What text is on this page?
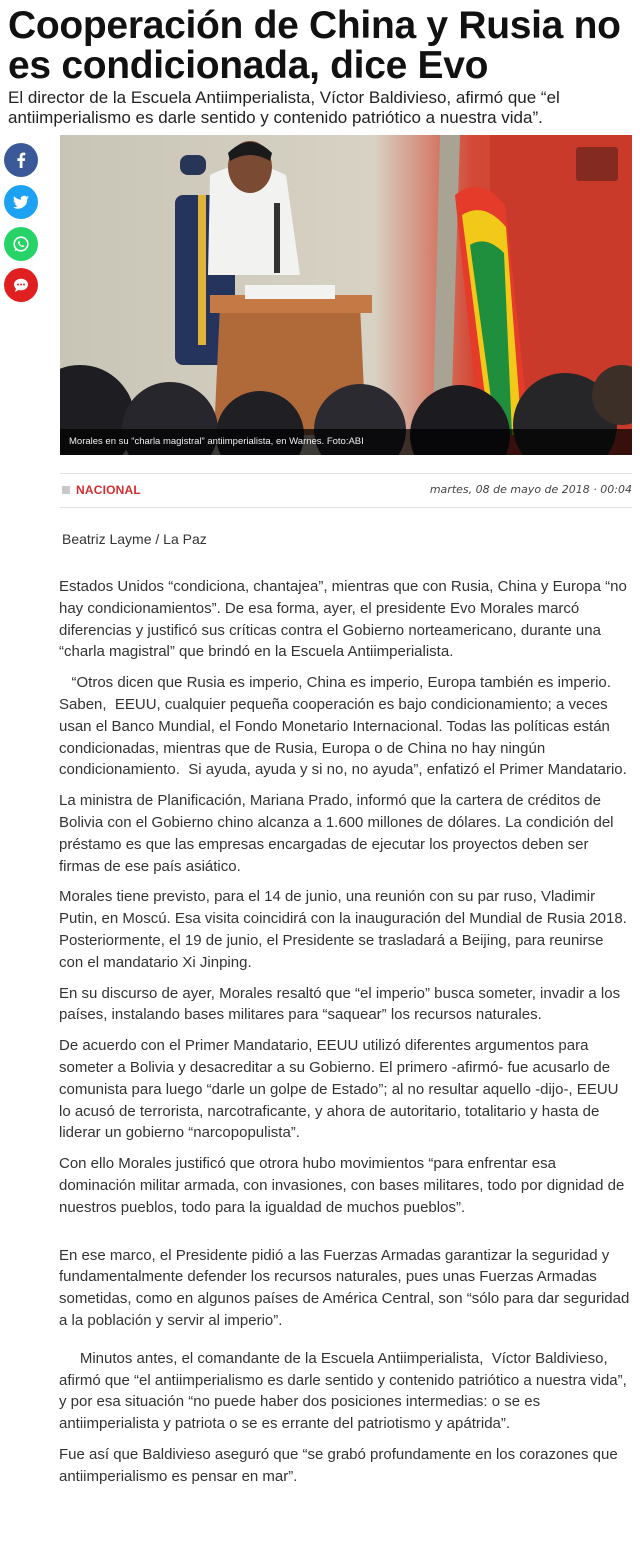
Cooperación de China y Rusia no es condicionada, dice Evo

El director de la Escuela Antiimperialista, Víctor Baldivieso, afirmó que “el antiimperialismo es darle sentido y contenido patriótico a nuestra vida”.

Morales en su “charla magistral” antiimperialista, en Warnes. Foto:ABI
NACIONAL	martes, 08 de mayo de 2018 · 00:04
Beatriz Layme / La Paz

Estados Unidos “condiciona, chantajea”, mientras que con Rusia, China y Europa “no hay condicionamientos”. De esa forma, ayer, el presidente Evo Morales marcó diferencias y justificó sus críticas contra el Gobierno norteamericano, durante una “charla magistral” que brindó en la Escuela Antiimperialista.

“Otros dicen que Rusia es imperio, China es imperio, Europa también es imperio. Saben,  EEUU, cualquier pequeña cooperación es bajo condicionamiento; a veces  usan el Banco Mundial, el Fondo Monetario Internacional. Todas las políticas están condicionadas, mientras que de Rusia, Europa o de China no hay ningún condicionamiento.  Si ayuda, ayuda y si no, no ayuda”, enfatizó el Primer Mandatario.

La ministra de Planificación, Mariana Prado, informó que la cartera de créditos de Bolivia con el Gobierno chino alcanza a 1.600 millones de dólares. La condición del préstamo es que las empresas encargadas de ejecutar los proyectos deben ser firmas de ese país asiático.

Morales tiene previsto, para el 14 de junio, una reunión con su par ruso, Vladimir Putin, en Moscú. Esa visita coincidirá con la inauguración del Mundial de Rusia 2018. Posteriormente, el 19 de junio, el Presidente se trasladará a Beijing, para reunirse con el mandatario Xi Jinping.

En su discurso de ayer, Morales resaltó que “el imperio” busca someter, invadir a los países, instalando bases militares para “saquear” los recursos naturales.

De acuerdo con el Primer Mandatario, EEUU utilizó diferentes argumentos para someter a Bolivia y desacreditar a su Gobierno. El primero -afirmó- fue acusarlo de comunista para luego “darle un golpe de Estado”; al no resultar aquello -dijo-, EEUU lo acusó de terrorista, narcotraficante, y ahora de autoritario, totalitario y hasta de liderar un gobierno “narcopopulista”.

Con ello Morales justificó que otrora hubo movimientos “para enfrentar esa dominación militar armada, con invasiones, con bases militares, todo por dignidad de nuestros pueblos, todo para la igualdad de muchos pueblos”.

En ese marco, el Presidente pidió a las Fuerzas Armadas garantizar la seguridad y fundamentalmente defender los recursos naturales, pues unas Fuerzas Armadas sometidas, como en algunos países de América Central, son “sólo para dar seguridad a la población y servir al imperio”.

Minutos antes, el comandante de la Escuela Antiimperialista,  Víctor Baldivieso, afirmó que “el antiimperialismo es darle sentido y contenido patriótico a nuestra vida”, y por esa situación “no puede haber dos posiciones intermedias: o se es antiimperialista y patriota o se es errante del patriotismo y apátrida”.

Fue así que Baldivieso aseguró que “se grabó profundamente en los corazones que antiimperialismo es pensar en mar”.
